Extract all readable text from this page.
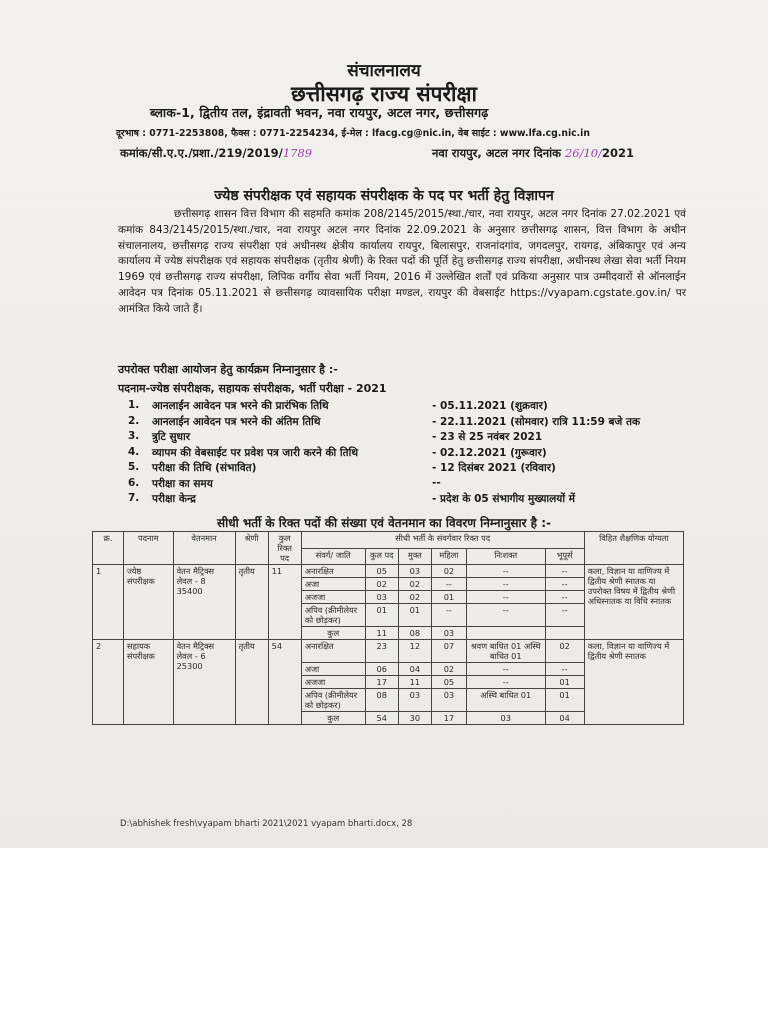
संचालनालय
छत्तीसगढ़ राज्य संपरीक्षा
ब्लाक-1, द्वितीय तल, इंद्रावती भवन, नवा रायपुर, अटल नगर, छत्तीसगढ़
दूरभाष : 0771-2253808, फैक्स : 0771-2254234, ई-मेल : lfacg.cg@nic.in, वेब साईट : www.lfa.cg.nic.in
कमांक/सी.ए.ए./प्रशा./219/2019/1789	नवा रायपुर, अटल नगर दिनांक 26/10/2021
ज्येष्ठ संपरीक्षक एवं सहायक संपरीक्षक के पद पर भर्ती हेतु विज्ञापन
छत्तीसगढ़ शासन वित्त विभाग की सहमति कमांक 208/2145/2015/स्था./चार, नवा रायपुर, अटल नगर दिनांक 27.02.2021 एवं कमांक 843/2145/2015/स्था./चार, नवा रायपुर अटल नगर दिनांक 22.09.2021 के अनुसार छत्तीसगढ़ शासन, वित्त विभाग के अधीन संचालनालय, छत्तीसगढ़ राज्य संपरीक्षा एवं अधीनस्थ क्षेत्रीय कार्यालय रायपुर, बिलासपुर, राजनांदगांव, जगदलपुर, रायगढ़, अंबिकापुर एवं अन्य कार्यालय में ज्येष्ठ संपरीक्षक एवं सहायक संपरीक्षक (तृतीय श्रेणी) के रिक्त पदों की पूर्ति हेतु छत्तीसगढ़ राज्य संपरीक्षा, अधीनस्थ लेखा सेवा भर्ती नियम 1969 एवं छत्तीसगढ़ राज्य संपरीक्षा, लिपिक वर्गीय सेवा भर्ती नियम, 2016 में उल्लेखित शर्तों एवं प्रकिया अनुसार पात्र उम्मीदवारों से ऑनलाईन आवेदन पत्र दिनांक 05.11.2021 से छत्तीसगढ़ व्यावसायिक परीक्षा मण्डल, रायपुर की वेबसाईट https://vyapam.cgstate.gov.in/ पर आमंत्रित किये जाते हैं।
उपरोक्त परीक्षा आयोजन हेतु कार्यक्रम निम्नानुसार है :-
पदनाम-ज्येष्ठ संपरीक्षक, सहायक संपरीक्षक, भर्ती परीक्षा - 2021
1.	आनलाईन आवेदन पत्र भरने की प्रारंभिक तिथि	- 05.11.2021 (शुक्रवार)
2.	आनलाईन आवेदन पत्र भरने की अंतिम तिथि	- 22.11.2021 (सोमवार) रात्रि 11:59 बजे तक
3.	त्रुटि सुधार	- 23 से 25 नवंबर 2021
4.	व्यापम की वेबसाईट पर प्रवेश पत्र जारी करने की तिथि	- 02.12.2021 (गुरूवार)
5.	परीक्षा की तिथि (संभावित)	- 12 दिसंबर 2021 (रविवार)
6.	परीक्षा का समय	--
7.	परीक्षा केन्द्र	- प्रदेश के 05 संभागीय मुख्यालयों में
सीधी भर्ती के रिक्त पदों की संख्या एवं वेतनमान का विवरण निम्नानुसार है :-
क्र.	पदनाम	वेतनमान	श्रेणी	कुल रिक्त पद	सीधी भर्ती के संवर्गवार रिक्त पद						विहित शैक्षणिक योग्यता
					संवर्ग/ जाति	कुल पद	मुक्त	महिला	निःशक्त	भूपूर्स	
1	ज्येष्ठ संपरीक्षक	वेतन मैट्रिक्स लेवल - 8 35400	तृतीय	11	अनारक्षित	05	03	02	--	--	कला, विज्ञान या वाणिज्य में द्वितीय श्रेणी स्नातक या उपरोक्त विषय में द्वितीय श्रेणी अधिस्नातक या विधि स्नातक
					अजा	02	02	--	--	--	
					अजजा	03	02	01	--	--	
					अपिव (क्रीमीलेयर को छोड़कर)	01	01	--	--	--	
					कुल	11	08	03			
2	सहायक संपरीक्षक	वेतन मैट्रिक्स लेवल - 6 25300	तृतीय	54	अनारक्षित	23	12	07	श्रवण बाधित 01 अस्थि बाधित 01	02	कला, विज्ञान या वाणिज्य में द्वितीय श्रेणी स्नातक
					अजा	06	04	02	--	--	
					अजजा	17	11	05	--	01	
					अपिव (क्रीमीलेयर को छोड़कर)	08	03	03	अस्थि बाधित 01	01	
					कुल	54	30	17	03	04	
D:\abhishek fresh\vyapam bharti 2021\2021 vyapam bharti.docx, 28
